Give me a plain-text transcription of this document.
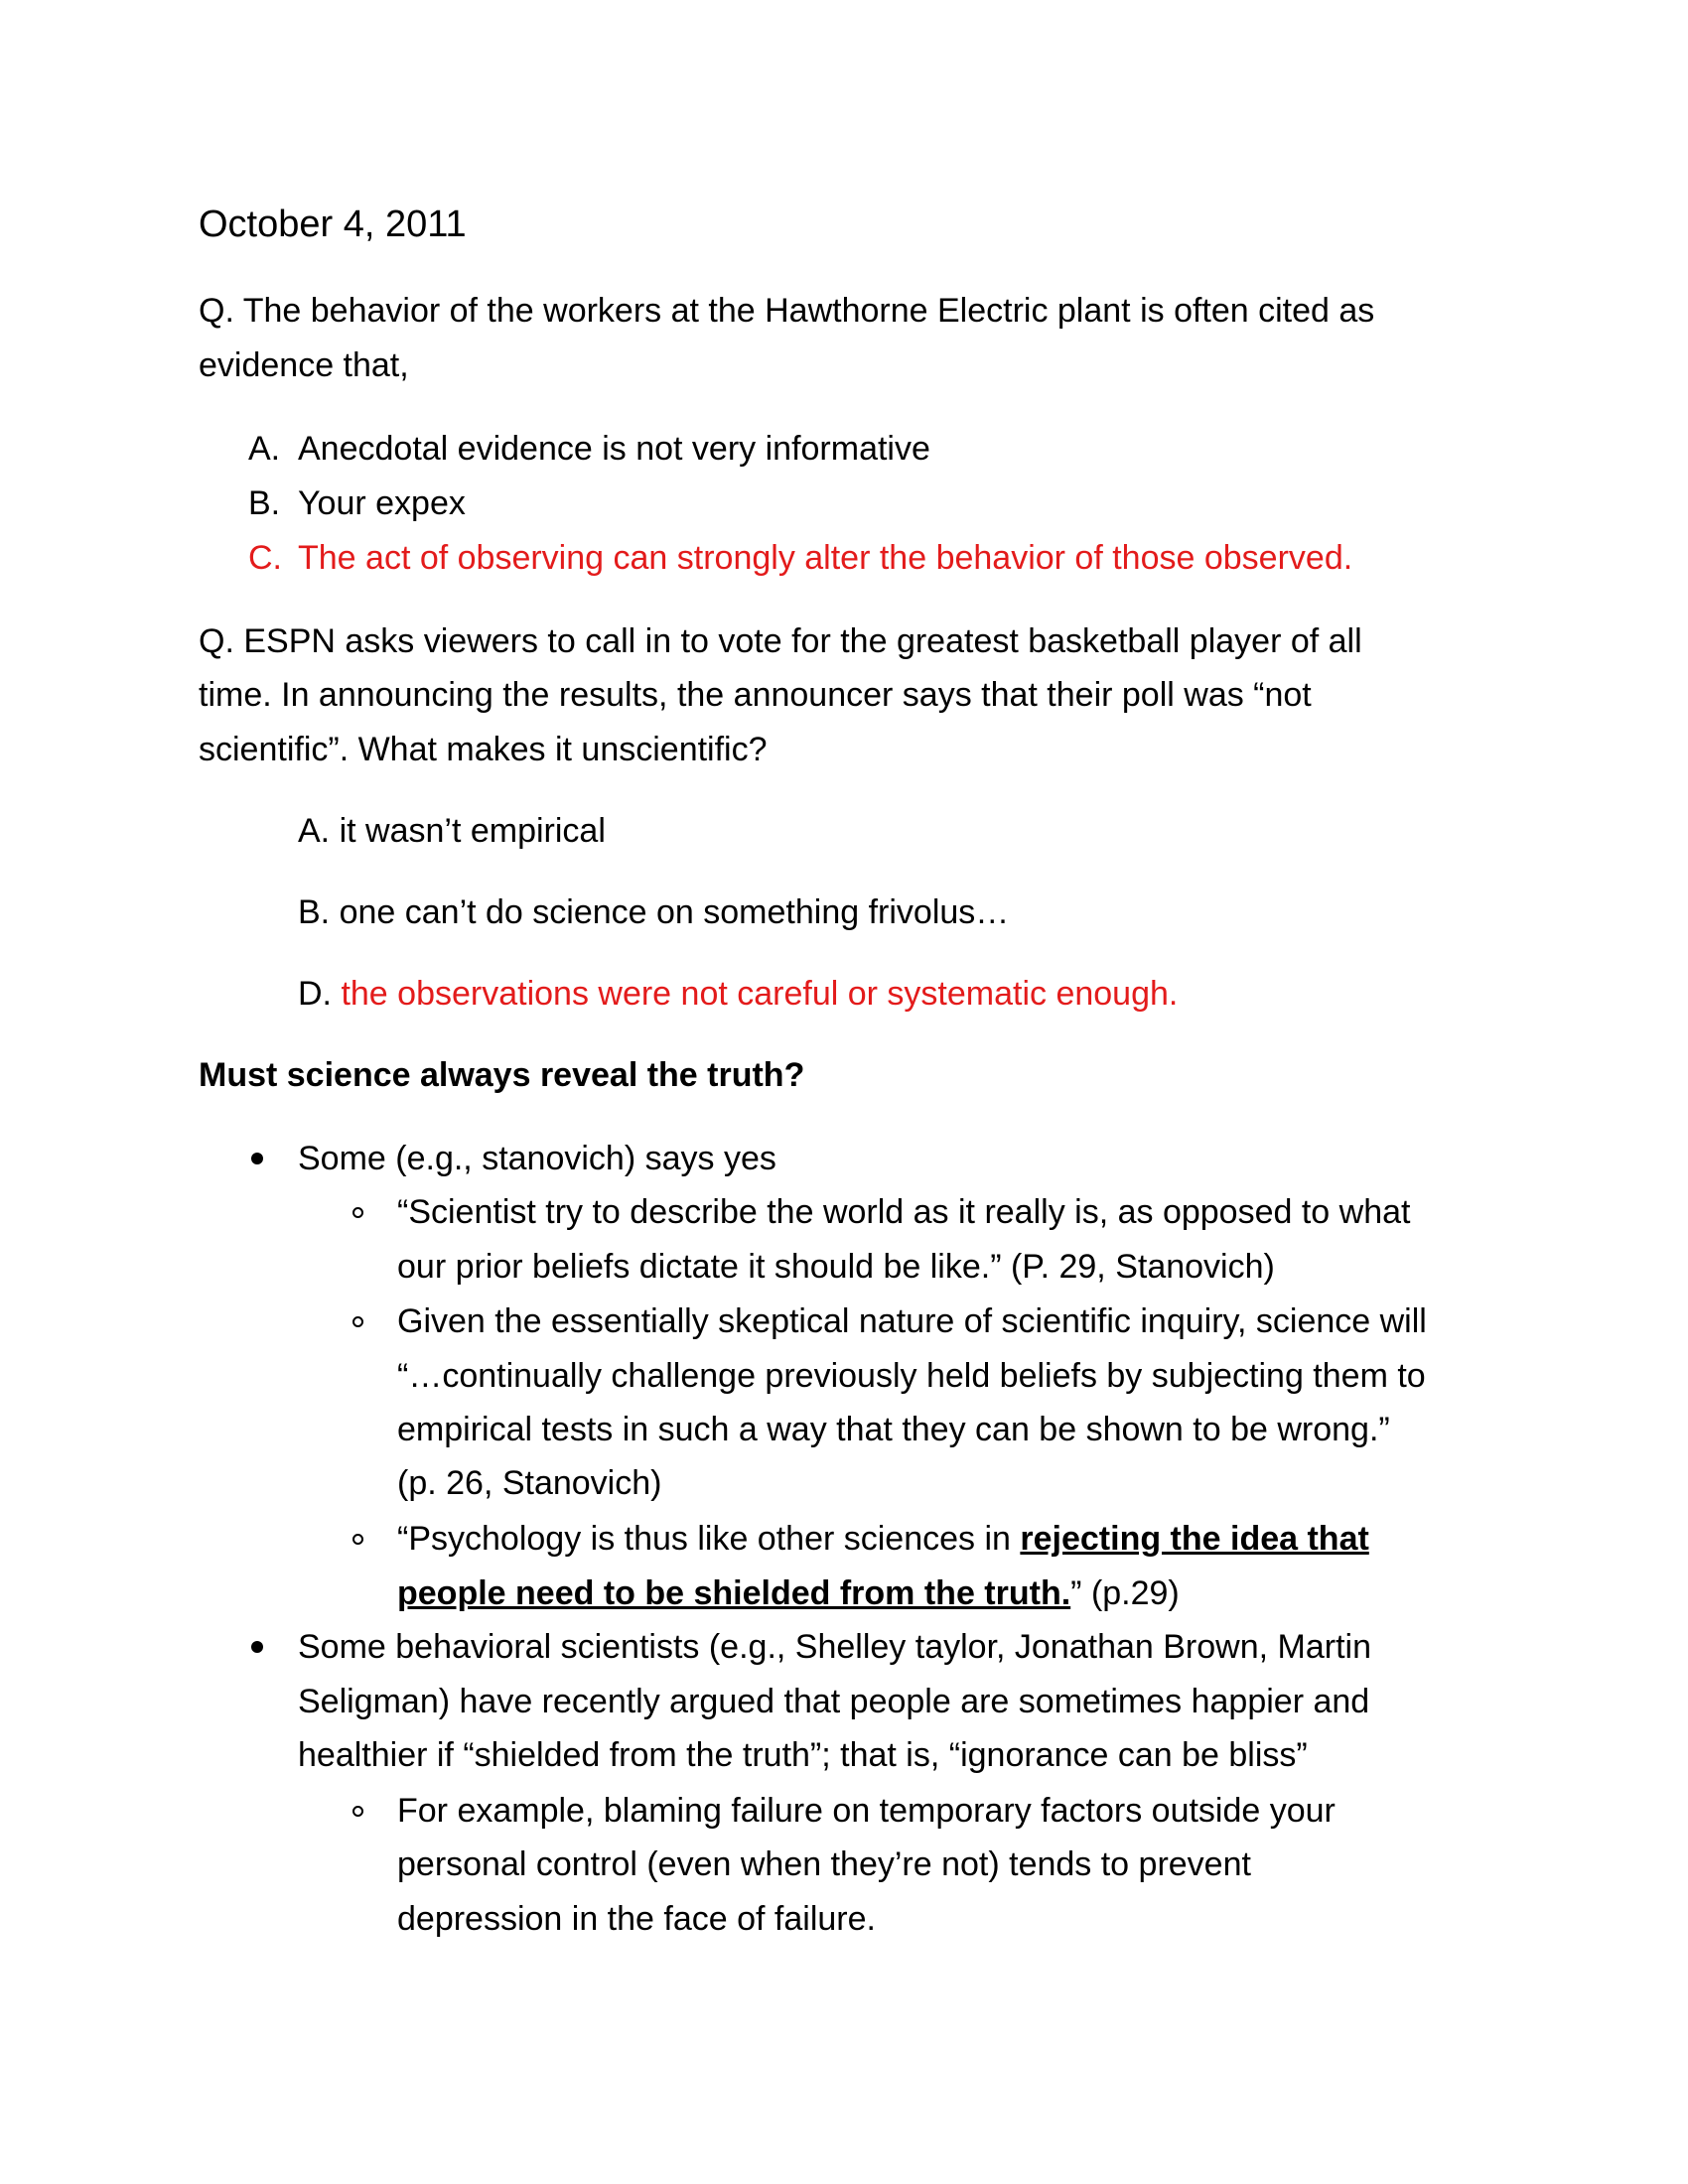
October 4, 2011
Q. The behavior of the workers at the Hawthorne Electric plant is often cited as
evidence that,
A. Anecdotal evidence is not very informative
B. Your expex
C. The act of observing can strongly alter the behavior of those observed.
Q. ESPN asks viewers to call in to vote for the greatest basketball player of all
time. In announcing the results, the announcer says that their poll was “not
scientific”. What makes it unscientific?
A. it wasn’t empirical
B. one can’t do science on something frivolus…
D. the observations were not careful or systematic enough.
Must science always reveal the truth?
Some (e.g., stanovich) says yes
“Scientist try to describe the world as it really is, as opposed to what
our prior beliefs dictate it should be like.” (P. 29, Stanovich)
Given the essentially skeptical nature of scientific inquiry, science will
“…continually challenge previously held beliefs by subjecting them to
empirical tests in such a way that they can be shown to be wrong.”
(p. 26, Stanovich)
“Psychology is thus like other sciences in rejecting the idea that
people need to be shielded from the truth.” (p.29)
Some behavioral scientists (e.g., Shelley taylor, Jonathan Brown, Martin
Seligman) have recently argued that people are sometimes happier and
healthier if “shielded from the truth”; that is, “ignorance can be bliss”
For example, blaming failure on temporary factors outside your
personal control (even when they’re not) tends to prevent
depression in the face of failure.
